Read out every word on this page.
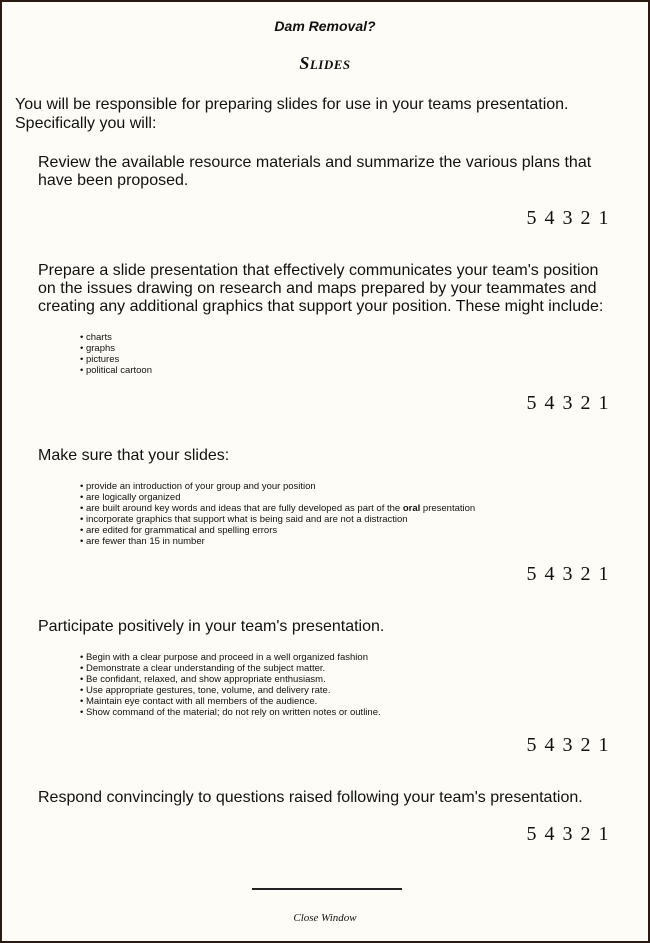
Dam Removal?
Slides
You will be responsible for preparing slides for use in your teams presentation. Specifically you will:
Review the available resource materials and summarize the various plans that have been proposed.
5 4 3 2 1
Prepare a slide presentation that effectively communicates your team's position on the issues drawing on research and maps prepared by your teammates and creating any additional graphics that support your position. These might include:
• charts
• graphs
• pictures
• political cartoon
5 4 3 2 1
Make sure that your slides:
• provide an introduction of your group and your position
• are logically organized
• are built around key words and ideas that are fully developed as part of the oral presentation
• incorporate graphics that support what is being said and are not a distraction
• are edited for grammatical and spelling errors
• are fewer than 15 in number
5 4 3 2 1
Participate positively in your team's presentation.
• Begin with a clear purpose and proceed in a well organized fashion
• Demonstrate a clear understanding of the subject matter.
• Be confidant, relaxed, and show appropriate enthusiasm.
• Use appropriate gestures, tone, volume, and delivery rate.
• Maintain eye contact with all members of the audience.
• Show command of the material; do not rely on written notes or outline.
5 4 3 2 1
Respond convincingly to questions raised following your team's presentation.
5 4 3 2 1
Close Window
